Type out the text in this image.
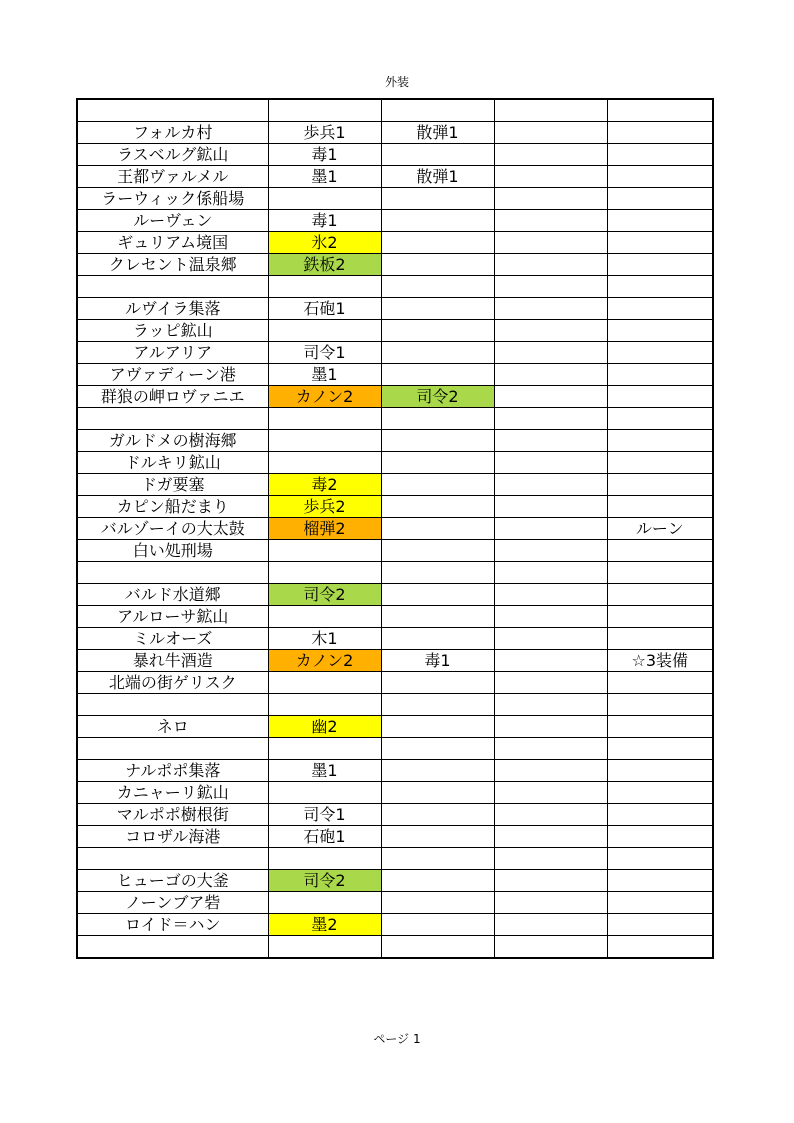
外装

フォルカ村	歩兵1	散弾1		
ラスベルグ鉱山	毒1			
王都ヴァルメル	墨1	散弾1		
ラーウィック係船場				
ルーヴェン	毒1			
ギュリアム境国	氷2			
クレセント温泉郷	鉄板2			

ルヴイラ集落	石砲1			
ラッピ鉱山				
アルアリア	司令1			
アヴァディーン港	墨1			
群狼の岬ロヴァニエ	カノン2	司令2		

ガルドメの樹海郷				
ドルキリ鉱山				
ドガ要塞	毒2			
カピン船だまり	歩兵2			
バルゾーイの大太鼓	榴弾2			ルーン
白い処刑場				

バルド水道郷	司令2			
アルローサ鉱山				
ミルオーズ	木1			
暴れ牛酒造	カノン2	毒1		☆3装備
北端の街ゲリスク				

ネロ	幽2			

ナルポポ集落	墨1			
カニャーリ鉱山				
マルポポ樹根街	司令1			
コロザル海港	石砲1			

ヒューゴの大釜	司令2			
ノーンブア砦				
ロイド＝ハン	墨2			

ページ 1
